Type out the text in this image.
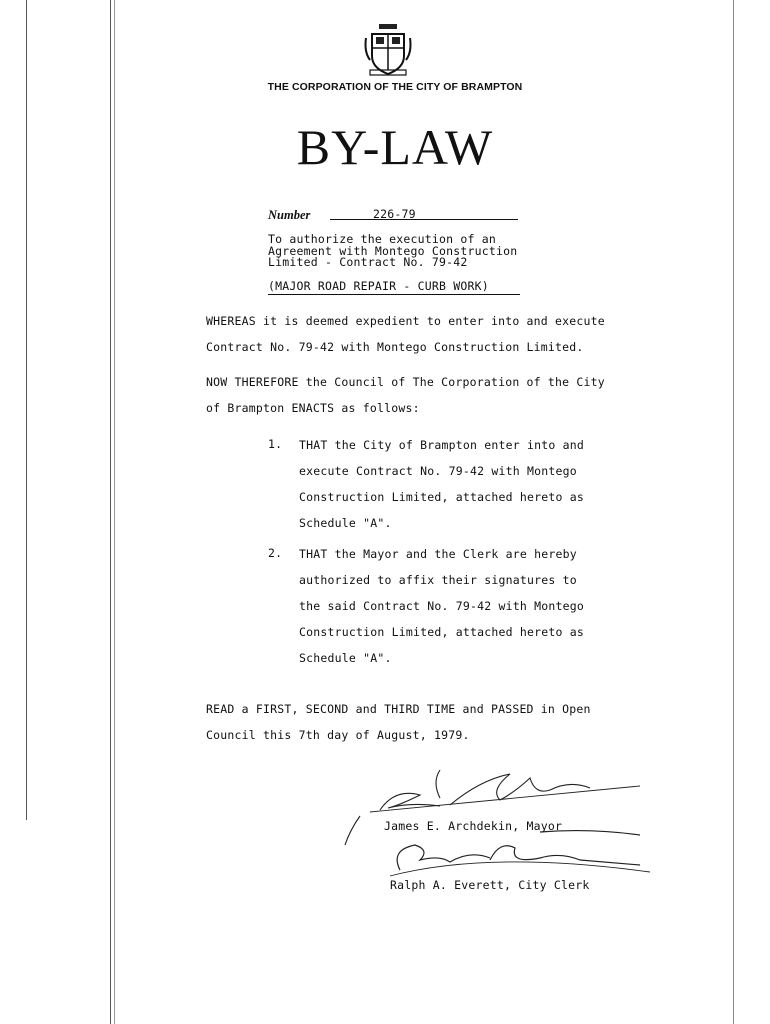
THE CORPORATION OF THE CITY OF BRAMPTON
BY-LAW
Number	226-79
To authorize the execution of an
Agreement with Montego Construction
Limited - Contract No. 79-42
(MAJOR ROAD REPAIR - CURB WORK)
WHEREAS it is deemed expedient to enter into and execute
Contract No. 79-42 with Montego Construction Limited.
NOW THEREFORE the Council of The Corporation of the City
of Brampton ENACTS as follows:
1. THAT the City of Brampton enter into and
execute Contract No. 79-42 with Montego
Construction Limited, attached hereto as
Schedule "A".
2. THAT the Mayor and the Clerk are hereby
authorized to affix their signatures to
the said Contract No. 79-42 with Montego
Construction Limited, attached hereto as
Schedule "A".
READ a FIRST, SECOND and THIRD TIME and PASSED in Open
Council this 7th day of August, 1979.
James E. Archdekin, Mayor
Ralph A. Everett, City Clerk
